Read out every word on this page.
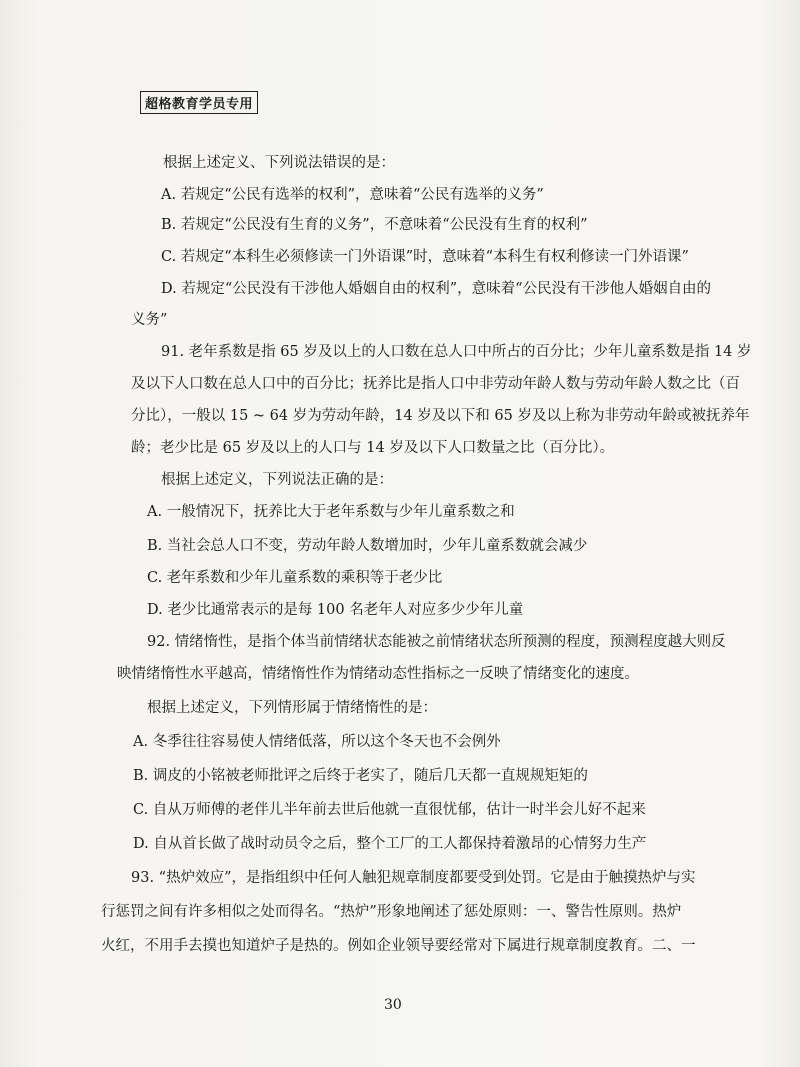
超格教育学员专用
根据上述定义、下列说法错误的是：
A. 若规定“公民有选举的权利”，意味着“公民有选举的义务”
B. 若规定“公民没有生育的义务”，不意味着“公民没有生育的权利”
C. 若规定“本科生必须修读一门外语课”时，意味着“本科生有权利修读一门外语课”
D. 若规定“公民没有干涉他人婚姻自由的权利”，意味着“公民没有干涉他人婚姻自由的
义务”
91. 老年系数是指 65 岁及以上的人口数在总人口中所占的百分比；少年儿童系数是指 14 岁
及以下人口数在总人口中的百分比；抚养比是指人口中非劳动年龄人数与劳动年龄人数之比（百
分比），一般以 15 ~ 64 岁为劳动年龄，14 岁及以下和 65 岁及以上称为非劳动年龄或被抚养年
龄；老少比是 65 岁及以上的人口与 14 岁及以下人口数量之比（百分比）。
根据上述定义，下列说法正确的是：
A. 一般情况下，抚养比大于老年系数与少年儿童系数之和
B. 当社会总人口不变，劳动年龄人数增加时，少年儿童系数就会减少
C. 老年系数和少年儿童系数的乘积等于老少比
D. 老少比通常表示的是每 100 名老年人对应多少少年儿童
92. 情绪惰性，是指个体当前情绪状态能被之前情绪状态所预测的程度，预测程度越大则反
映情绪惰性水平越高，情绪惰性作为情绪动态性指标之一反映了情绪变化的速度。
根据上述定义，下列情形属于情绪惰性的是：
A. 冬季往往容易使人情绪低落，所以这个冬天也不会例外
B. 调皮的小铭被老师批评之后终于老实了，随后几天都一直规规矩矩的
C. 自从万师傅的老伴儿半年前去世后他就一直很忧郁，估计一时半会儿好不起来
D. 自从首长做了战时动员令之后，整个工厂的工人都保持着激昂的心情努力生产
93. “热炉效应”，是指组织中任何人触犯规章制度都要受到处罚。它是由于触摸热炉与实
行惩罚之间有许多相似之处而得名。“热炉”形象地阐述了惩处原则：一、警告性原则。热炉
火红，不用手去摸也知道炉子是热的。例如企业领导要经常对下属进行规章制度教育。二、一
30
